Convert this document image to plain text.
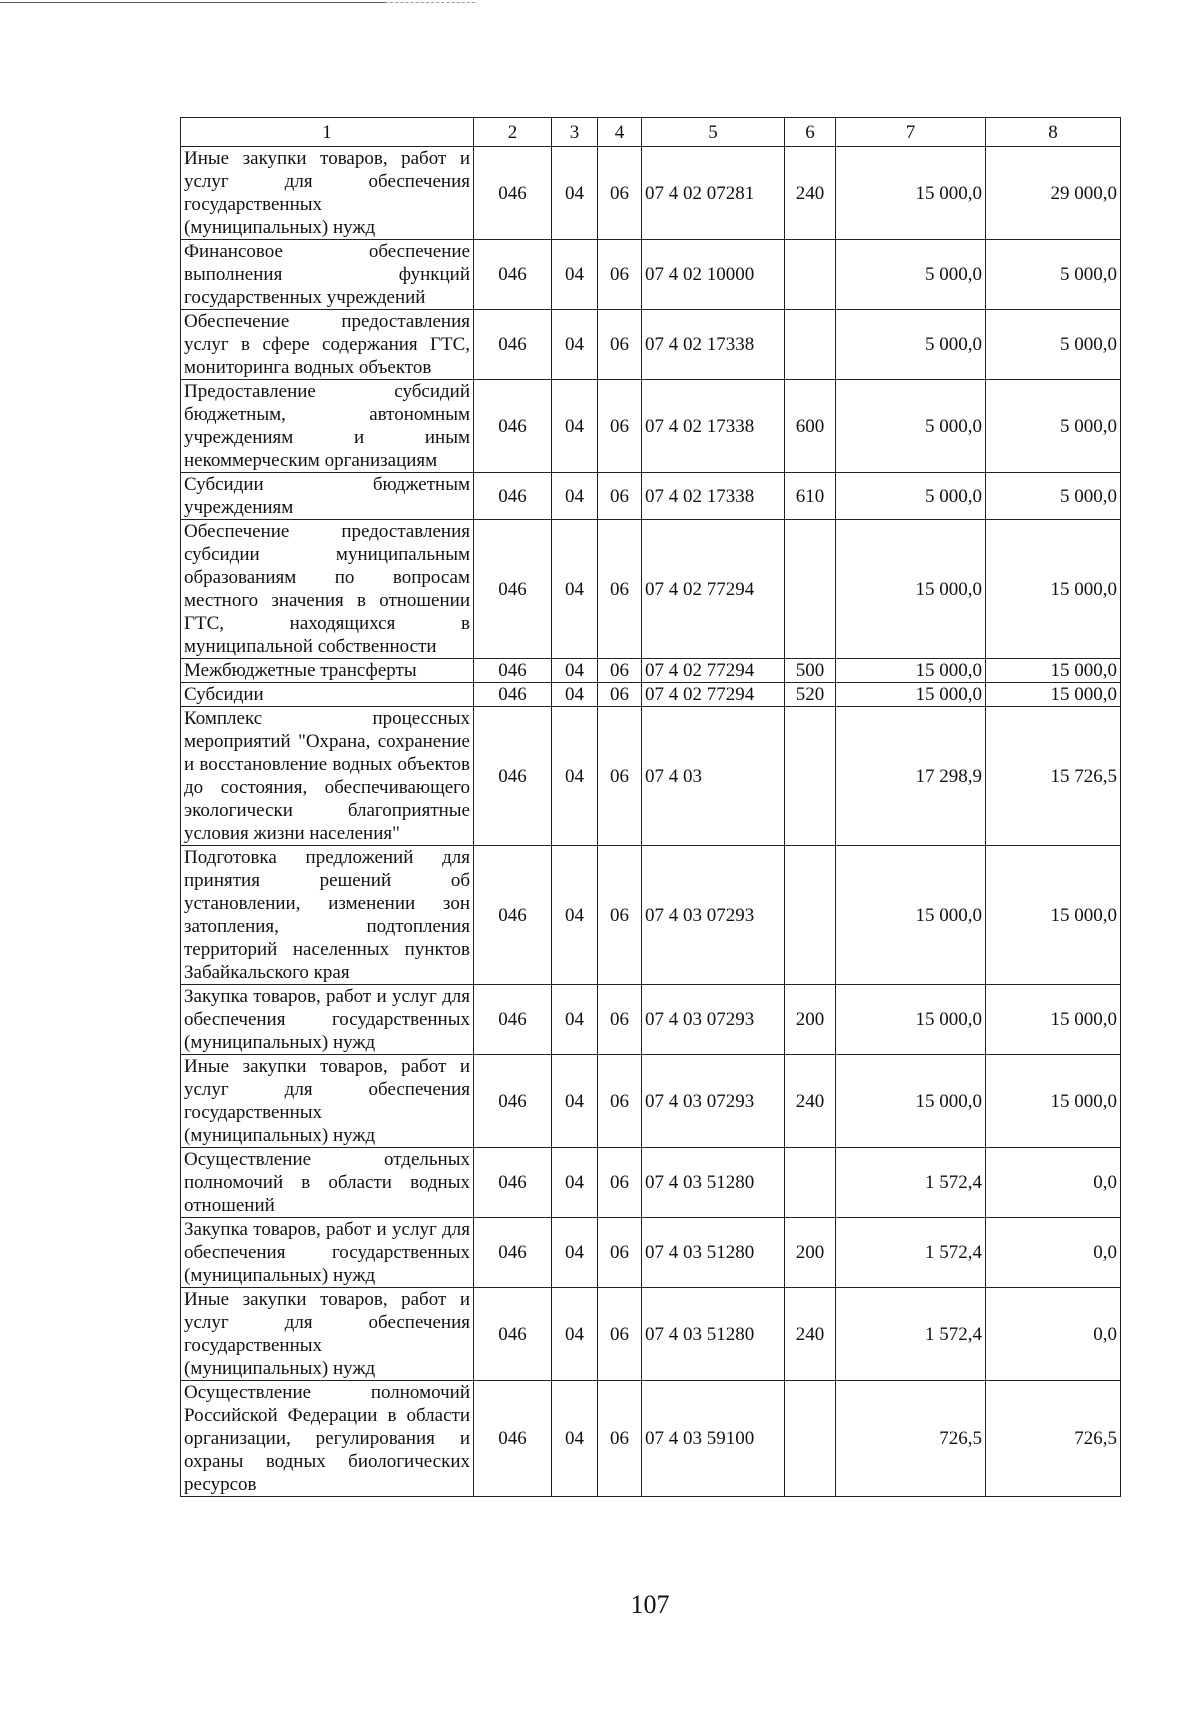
1	2	3	4	5	6	7	8
Иные закупки товаров, работ и услуг для обеспечения государственных (муниципальных) нужд	046	04	06	07 4 02 07281	240	15 000,0	29 000,0
Финансовое обеспечение выполнения функций государственных учреждений	046	04	06	07 4 02 10000		5 000,0	5 000,0
Обеспечение предоставления услуг в сфере содержания ГТС, мониторинга водных объектов	046	04	06	07 4 02 17338		5 000,0	5 000,0
Предоставление субсидий бюджетным, автономным учреждениям и иным некоммерческим организациям	046	04	06	07 4 02 17338	600	5 000,0	5 000,0
Субсидии бюджетным учреждениям	046	04	06	07 4 02 17338	610	5 000,0	5 000,0
Обеспечение предоставления субсидии муниципальным образованиям по вопросам местного значения в отношении ГТС, находящихся в муниципальной собственности	046	04	06	07 4 02 77294		15 000,0	15 000,0
Межбюджетные трансферты	046	04	06	07 4 02 77294	500	15 000,0	15 000,0
Субсидии	046	04	06	07 4 02 77294	520	15 000,0	15 000,0
Комплекс процессных мероприятий "Охрана, сохранение и восстановление водных объектов до состояния, обеспечивающего экологически благоприятные условия жизни населения"	046	04	06	07 4 03		17 298,9	15 726,5
Подготовка предложений для принятия решений об установлении, изменении зон затопления, подтопления территорий населенных пунктов Забайкальского края	046	04	06	07 4 03 07293		15 000,0	15 000,0
Закупка товаров, работ и услуг для обеспечения государственных (муниципальных) нужд	046	04	06	07 4 03 07293	200	15 000,0	15 000,0
Иные закупки товаров, работ и услуг для обеспечения государственных (муниципальных) нужд	046	04	06	07 4 03 07293	240	15 000,0	15 000,0
Осуществление отдельных полномочий в области водных отношений	046	04	06	07 4 03 51280		1 572,4	0,0
Закупка товаров, работ и услуг для обеспечения государственных (муниципальных) нужд	046	04	06	07 4 03 51280	200	1 572,4	0,0
Иные закупки товаров, работ и услуг для обеспечения государственных (муниципальных) нужд	046	04	06	07 4 03 51280	240	1 572,4	0,0
Осуществление полномочий Российской Федерации в области организации, регулирования и охраны водных биологических ресурсов	046	04	06	07 4 03 59100		726,5	726,5
107
